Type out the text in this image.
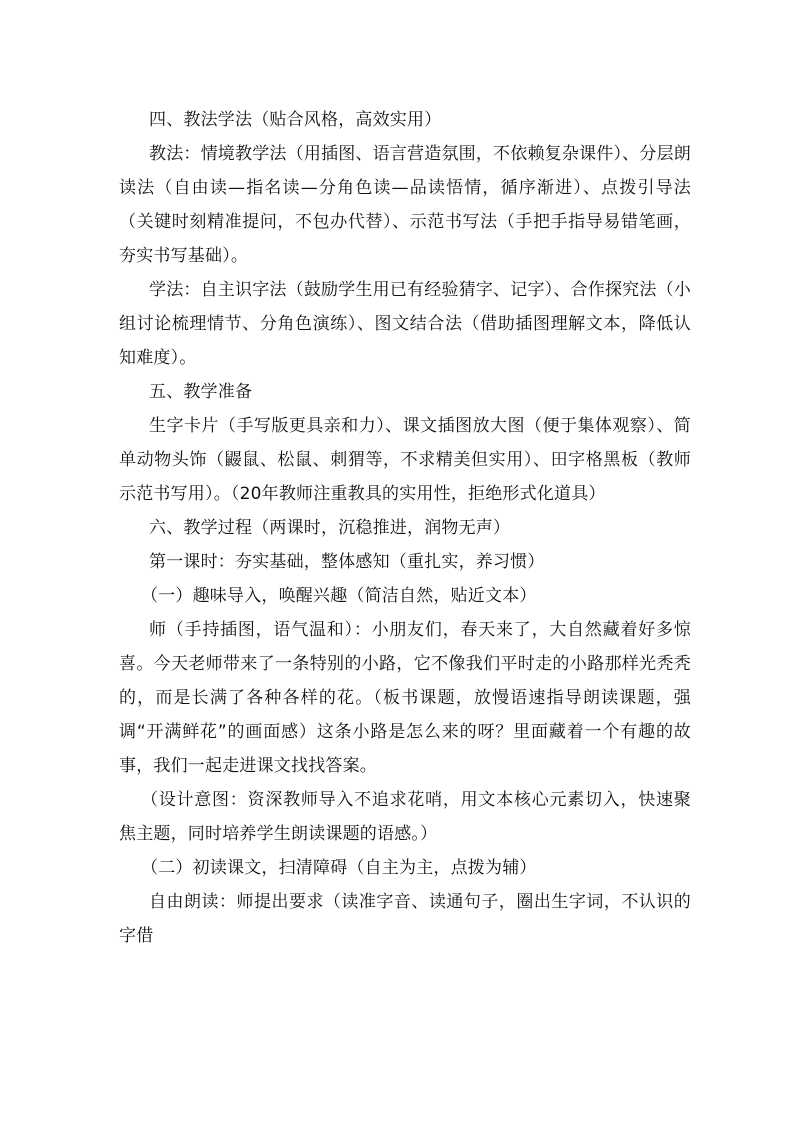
四、教法学法（贴合风格，高效实用）

教法：情境教学法（用插图、语言营造氛围，不依赖复杂课件）、分层朗读法（自由读—指名读—分角色读—品读悟情，循序渐进）、点拨引导法（关键时刻精准提问，不包办代替）、示范书写法（手把手指导易错笔画，夯实书写基础）。

学法：自主识字法（鼓励学生用已有经验猜字、记字）、合作探究法（小组讨论梳理情节、分角色演练）、图文结合法（借助插图理解文本，降低认知难度）。

五、教学准备

生字卡片（手写版更具亲和力）、课文插图放大图（便于集体观察）、简单动物头饰（鼹鼠、松鼠、刺猬等，不求精美但实用）、田字格黑板（教师示范书写用）。（20年教师注重教具的实用性，拒绝形式化道具）

六、教学过程（两课时，沉稳推进，润物无声）

第一课时：夯实基础，整体感知（重扎实，养习惯）

（一）趣味导入，唤醒兴趣（简洁自然，贴近文本）

师（手持插图，语气温和）：小朋友们，春天来了，大自然藏着好多惊喜。今天老师带来了一条特别的小路，它不像我们平时走的小路那样光秃秃的，而是长满了各种各样的花。（板书课题，放慢语速指导朗读课题，强调“开满鲜花”的画面感）这条小路是怎么来的呀？里面藏着一个有趣的故事，我们一起走进课文找找答案。

（设计意图：资深教师导入不追求花哨，用文本核心元素切入，快速聚焦主题，同时培养学生朗读课题的语感。）

（二）初读课文，扫清障碍（自主为主，点拨为辅）

自由朗读：师提出要求（读准字音、读通句子，圈出生字词，不认识的字借
